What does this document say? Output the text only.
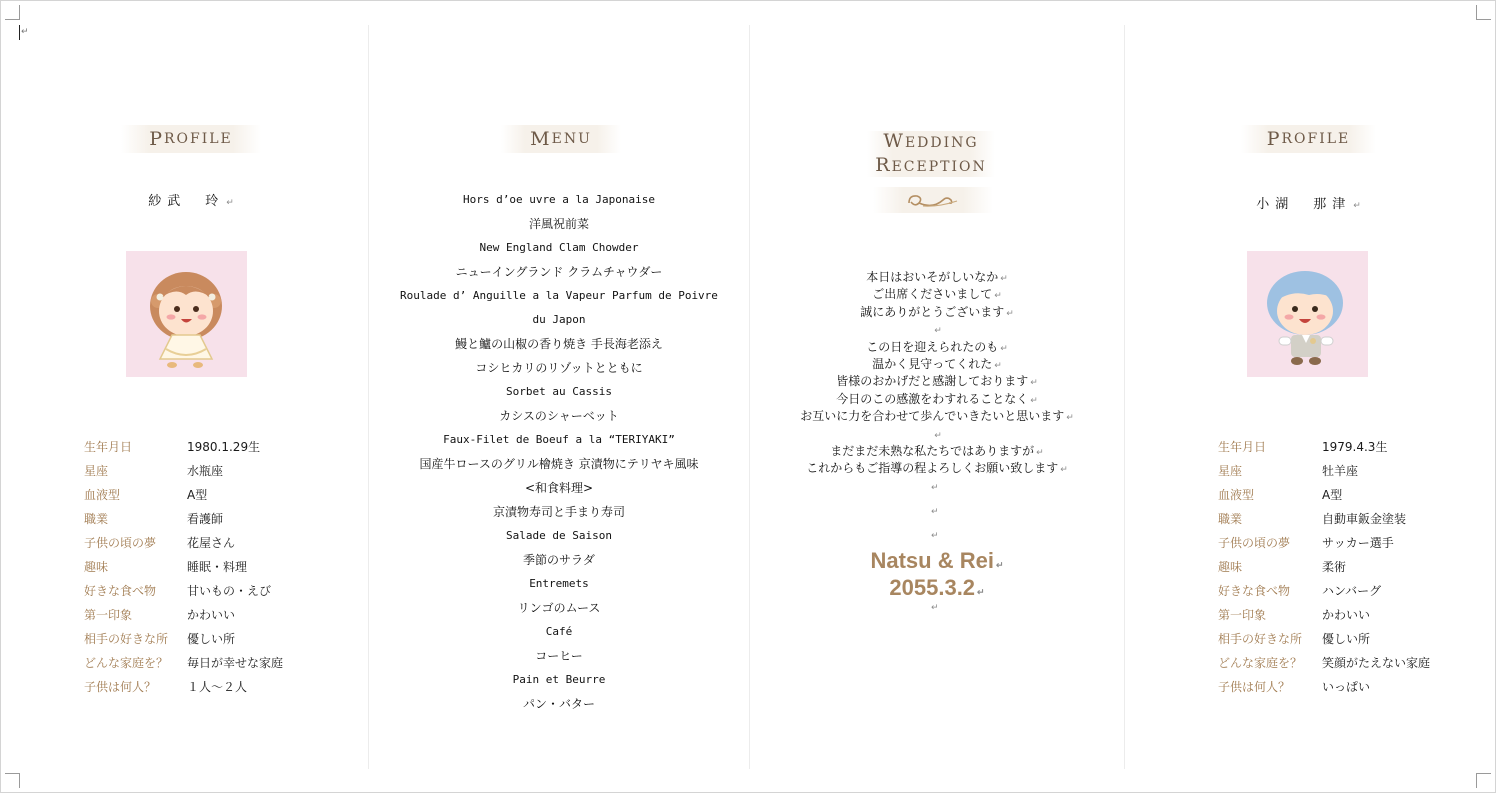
↵
P ROFILE
紗武　玲 ↵
生年月日	1980.1.29生
星座	水瓶座
血液型	A型
職業	看護師
子供の頃の夢	花屋さん
趣味	睡眠・料理
好きな食べ物	甘いもの・えび
第一印象	かわいい
相手の好きな所	優しい所
どんな家庭を？	毎日が幸せな家庭
子供は何人？	１人〜２人
M ENU
Hors d’oe uvre a la Japonaise
洋風祝前菜
New England Clam Chowder
ニューイングランド クラムチャウダー
Roulade d’ Anguille a la Vapeur Parfum de Poivre
du Japon
鰻と鱸の山椒の香り焼き 手長海老添え
コシヒカリのリゾットとともに
Sorbet au Cassis
カシスのシャーベット
Faux-Filet de Boeuf a la “TERIYAKI”
国産牛ロースのグリル檜焼き 京漬物にテリヤキ風味
<和食料理>
京漬物寿司と手まり寿司
Salade de Saison
季節のサラダ
Entremets
リンゴのムース
Café
コーヒー
Pain et Beurre
パン・バター
WEDDING
RECEPTION
本日はおいそがしいなか ↵
ご出席くださいまして ↵
誠にありがとうございます ↵
↵
この日を迎えられたのも ↵
温かく見守ってくれた ↵
皆様のおかげだと感謝しております ↵
今日のこの感激をわすれることなく ↵
お互いに力を合わせて歩んでいきたいと思います ↵
↵
まだまだ未熟な私たちではありますが ↵
これからもご指導の程よろしくお願い致します ↵
↵
↵
↵
Natsu & Rei ↵
2055.3.2 ↵
↵
P ROFILE
小湖　那津 ↵
生年月日	1979.4.3生
星座	牡羊座
血液型	A型
職業	自動車鈑金塗装
子供の頃の夢	サッカー選手
趣味	柔術
好きな食べ物	ハンバーグ
第一印象	かわいい
相手の好きな所	優しい所
どんな家庭を？	笑顔がたえない家庭
子供は何人？	いっぱい
